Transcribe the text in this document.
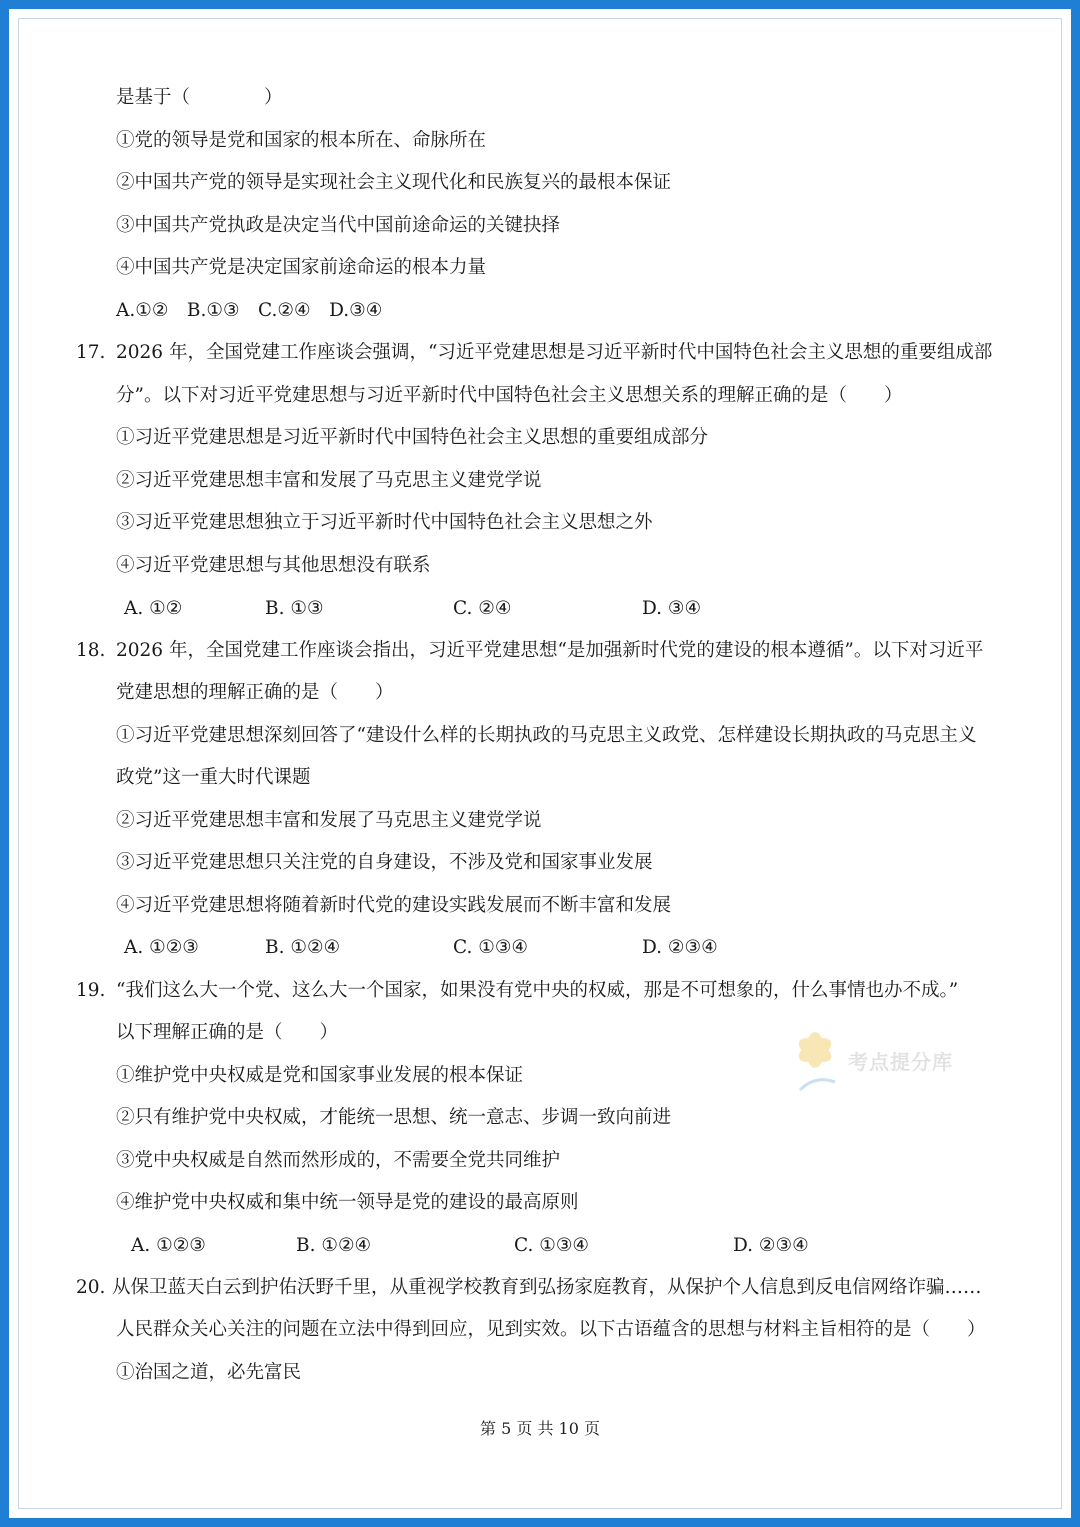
是基于（　　　　）
①党的领导是党和国家的根本所在、命脉所在
②中国共产党的领导是实现社会主义现代化和民族复兴的最根本保证
③中国共产党执政是决定当代中国前途命运的关键抉择
④中国共产党是决定国家前途命运的根本力量
A.①②　B.①③　C.②④　D.③④
17. 2026 年，全国党建工作座谈会强调，“习近平党建思想是习近平新时代中国特色社会主义思想的重要组成部
分”。以下对习近平党建思想与习近平新时代中国特色社会主义思想关系的理解正确的是（　　）
①习近平党建思想是习近平新时代中国特色社会主义思想的重要组成部分
②习近平党建思想丰富和发展了马克思主义建党学说
③习近平党建思想独立于习近平新时代中国特色社会主义思想之外
④习近平党建思想与其他思想没有联系
A. ①②	B. ①③	C. ②④	D. ③④
18. 2026 年，全国党建工作座谈会指出，习近平党建思想“是加强新时代党的建设的根本遵循”。以下对习近平
党建思想的理解正确的是（　　）
①习近平党建思想深刻回答了“建设什么样的长期执政的马克思主义政党、怎样建设长期执政的马克思主义
政党”这一重大时代课题
②习近平党建思想丰富和发展了马克思主义建党学说
③习近平党建思想只关注党的自身建设，不涉及党和国家事业发展
④习近平党建思想将随着新时代党的建设实践发展而不断丰富和发展
A. ①②③	B. ①②④	C. ①③④	D. ②③④
19. “我们这么大一个党、这么大一个国家，如果没有党中央的权威，那是不可想象的，什么事情也办不成。”
以下理解正确的是（　　）
①维护党中央权威是党和国家事业发展的根本保证
②只有维护党中央权威，才能统一思想、统一意志、步调一致向前进
③党中央权威是自然而然形成的，不需要全党共同维护
④维护党中央权威和集中统一领导是党的建设的最高原则
A. ①②③	B. ①②④	C. ①③④	D. ②③④
20. 从保卫蓝天白云到护佑沃野千里，从重视学校教育到弘扬家庭教育，从保护个人信息到反电信网络诈骗……
人民群众关心关注的问题在立法中得到回应，见到实效。以下古语蕴含的思想与材料主旨相符的是（　　）
①治国之道，必先富民
考点提分库
第 5 页 共 10 页
